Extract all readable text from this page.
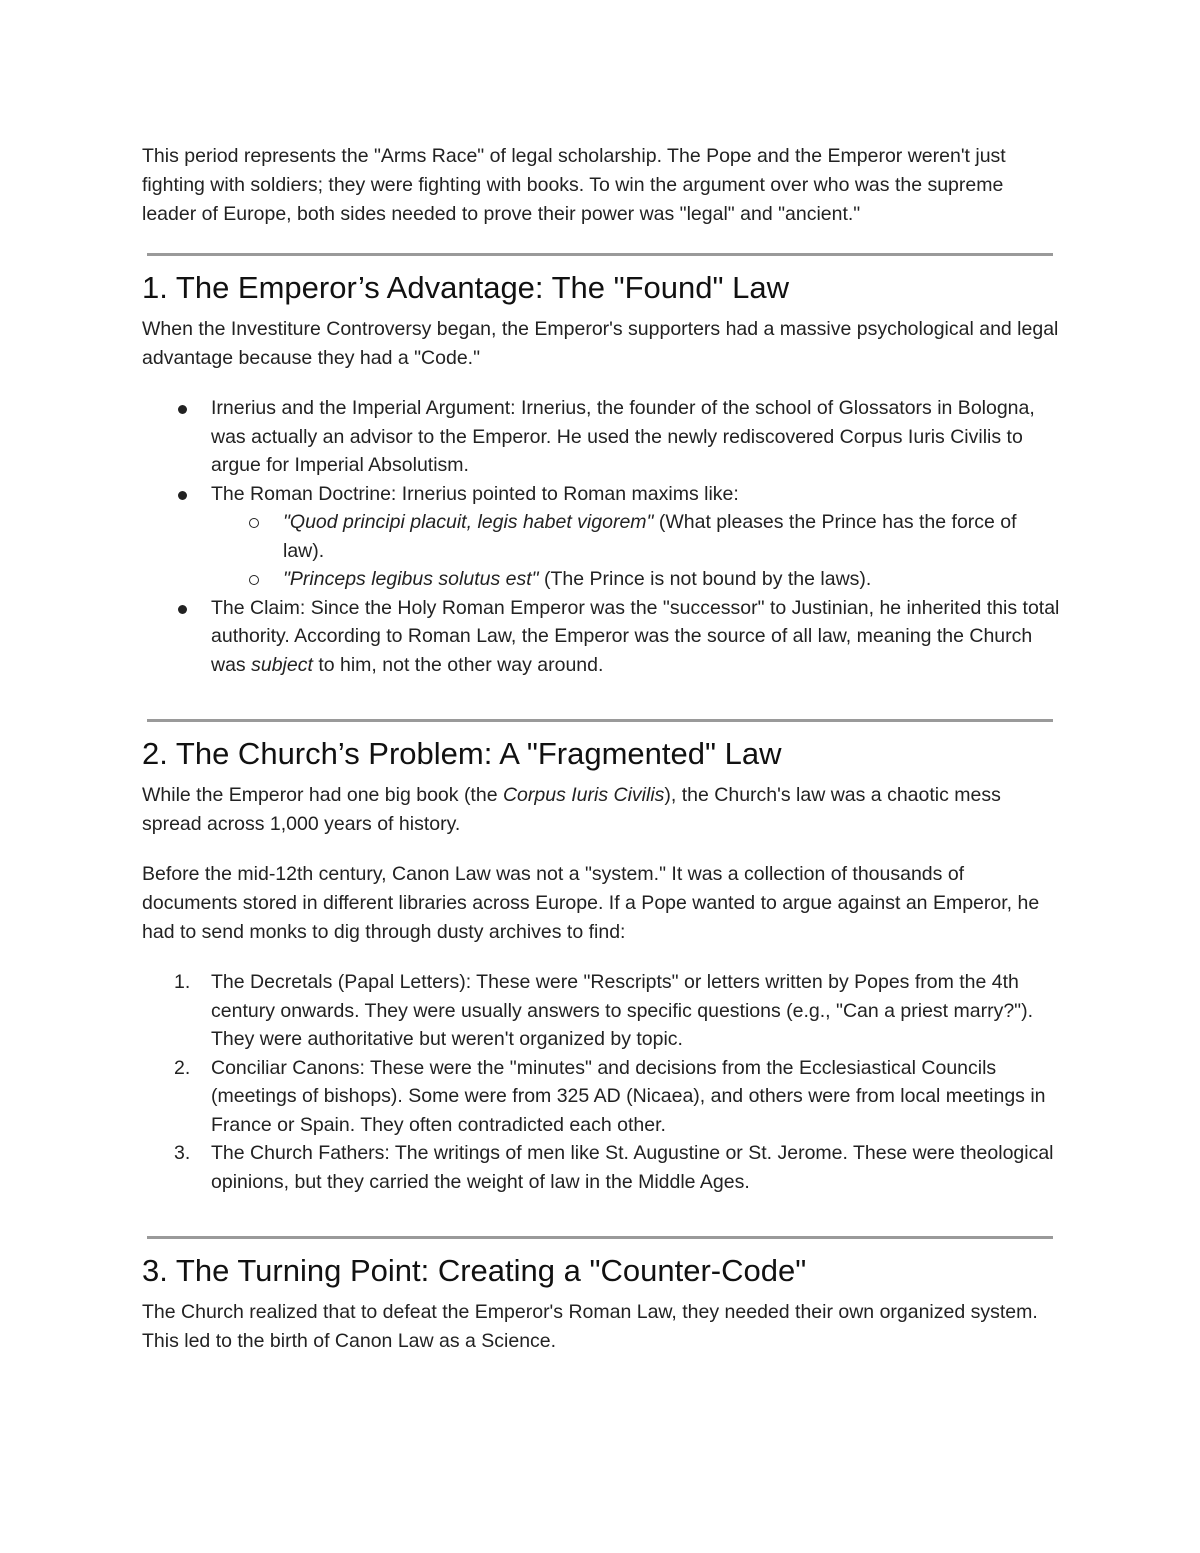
This period represents the "Arms Race" of legal scholarship. The Pope and the Emperor weren't just fighting with soldiers; they were fighting with books. To win the argument over who was the supreme leader of Europe, both sides needed to prove their power was "legal" and "ancient."

1. The Emperor’s Advantage: The "Found" Law

When the Investiture Controversy began, the Emperor's supporters had a massive psychological and legal advantage because they had a "Code."

Irnerius and the Imperial Argument: Irnerius, the founder of the school of Glossators in Bologna, was actually an advisor to the Emperor. He used the newly rediscovered Corpus Iuris Civilis to argue for Imperial Absolutism.
The Roman Doctrine: Irnerius pointed to Roman maxims like:
"Quod principi placuit, legis habet vigorem" (What pleases the Prince has the force of law).
"Princeps legibus solutus est" (The Prince is not bound by the laws).
The Claim: Since the Holy Roman Emperor was the "successor" to Justinian, he inherited this total authority. According to Roman Law, the Emperor was the source of all law, meaning the Church was subject to him, not the other way around.
2. The Church’s Problem: A "Fragmented" Law

While the Emperor had one big book (the Corpus Iuris Civilis), the Church's law was a chaotic mess spread across 1,000 years of history.

Before the mid-12th century, Canon Law was not a "system." It was a collection of thousands of documents stored in different libraries across Europe. If a Pope wanted to argue against an Emperor, he had to send monks to dig through dusty archives to find:

1.	The Decretals (Papal Letters): These were "Rescripts" or letters written by Popes from the 4th century onwards. They were usually answers to specific questions (e.g., "Can a priest marry?"). They were authoritative but weren't organized by topic.
2.	Conciliar Canons: These were the "minutes" and decisions from the Ecclesiastical Councils (meetings of bishops). Some were from 325 AD (Nicaea), and others were from local meetings in France or Spain. They often contradicted each other.
3.	The Church Fathers: The writings of men like St. Augustine or St. Jerome. These were theological opinions, but they carried the weight of law in the Middle Ages.
3. The Turning Point: Creating a "Counter-Code"

The Church realized that to defeat the Emperor's Roman Law, they needed their own organized system. This led to the birth of Canon Law as a Science.
